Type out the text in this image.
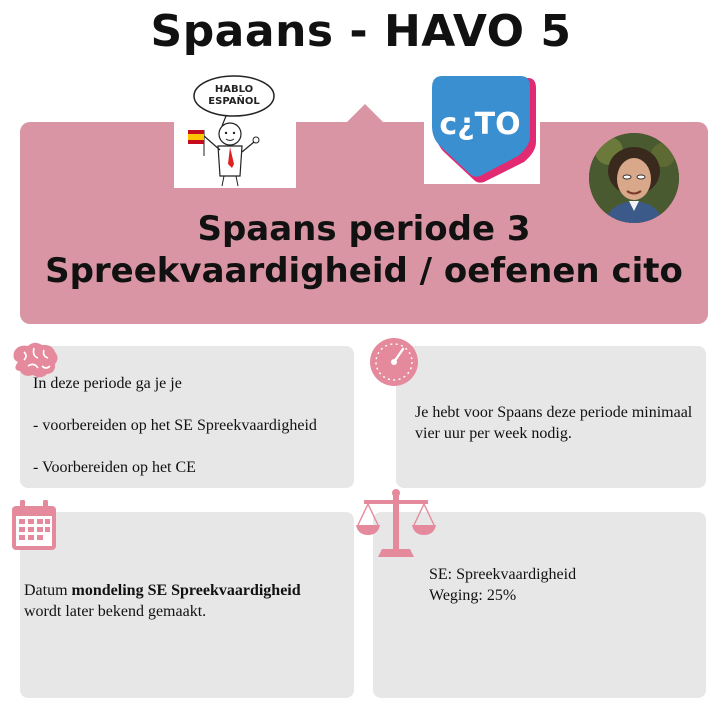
Spaans - HAVO 5
HABLO
ESPAÑOL
c¿TO
Spaans periode 3
Spreekvaardigheid / oefenen cito

In deze periode ga je je

- voorbereiden op het SE Spreekvaardigheid

- Voorbereiden op het CE

Je hebt voor Spaans deze periode minimaal vier uur per week nodig.
Datum mondeling SE Spreekvaardigheid
wordt later bekend gemaakt.
SE: Spreekvaardigheid
Weging: 25%
